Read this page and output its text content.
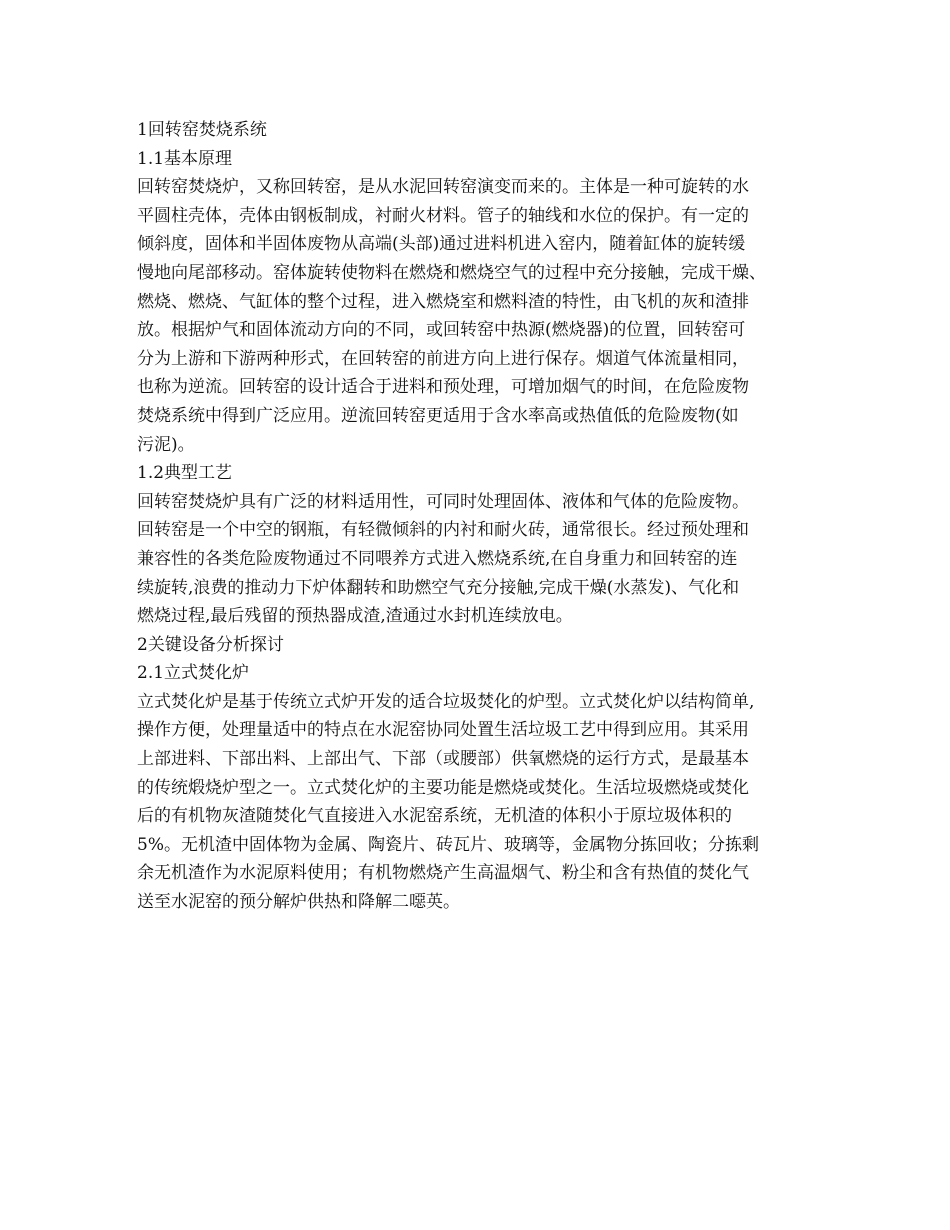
1回转窑焚烧系统
1.1基本原理
回转窑焚烧炉，又称回转窑，是从水泥回转窑演变而来的。主体是一种可旋转的水
平圆柱壳体，壳体由钢板制成，衬耐火材料。管子的轴线和水位的保护。有一定的
倾斜度，固体和半固体废物从高端(头部)通过进料机进入窑内，随着缸体的旋转缓
慢地向尾部移动。窑体旋转使物料在燃烧和燃烧空气的过程中充分接触，完成干燥、
燃烧、燃烧、气缸体的整个过程，进入燃烧室和燃料渣的特性，由飞机的灰和渣排
放。根据炉气和固体流动方向的不同，或回转窑中热源(燃烧器)的位置，回转窑可
分为上游和下游两种形式，在回转窑的前进方向上进行保存。烟道气体流量相同，
也称为逆流。回转窑的设计适合于进料和预处理，可增加烟气的时间，在危险废物
焚烧系统中得到广泛应用。逆流回转窑更适用于含水率高或热值低的危险废物(如
污泥)。
1.2典型工艺
回转窑焚烧炉具有广泛的材料适用性，可同时处理固体、液体和气体的危险废物。
回转窑是一个中空的钢瓶，有轻微倾斜的内衬和耐火砖，通常很长。经过预处理和
兼容性的各类危险废物通过不同喂养方式进入燃烧系统,在自身重力和回转窑的连
续旋转,浪费的推动力下炉体翻转和助燃空气充分接触,完成干燥(水蒸发)、气化和
燃烧过程,最后残留的预热器成渣,渣通过水封机连续放电。
2关键设备分析探讨
2.1立式焚化炉
立式焚化炉是基于传统立式炉开发的适合垃圾焚化的炉型。立式焚化炉以结构简单,
操作方便，处理量适中的特点在水泥窑协同处置生活垃圾工艺中得到应用。其采用
上部进料、下部出料、上部出气、下部（或腰部）供氧燃烧的运行方式，是最基本
的传统煅烧炉型之一。立式焚化炉的主要功能是燃烧或焚化。生活垃圾燃烧或焚化
后的有机物灰渣随焚化气直接进入水泥窑系统，无机渣的体积小于原垃圾体积的
5%。无机渣中固体物为金属、陶瓷片、砖瓦片、玻璃等，金属物分拣回收；分拣剩
余无机渣作为水泥原料使用；有机物燃烧产生高温烟气、粉尘和含有热值的焚化气
送至水泥窑的预分解炉供热和降解二噁英。
